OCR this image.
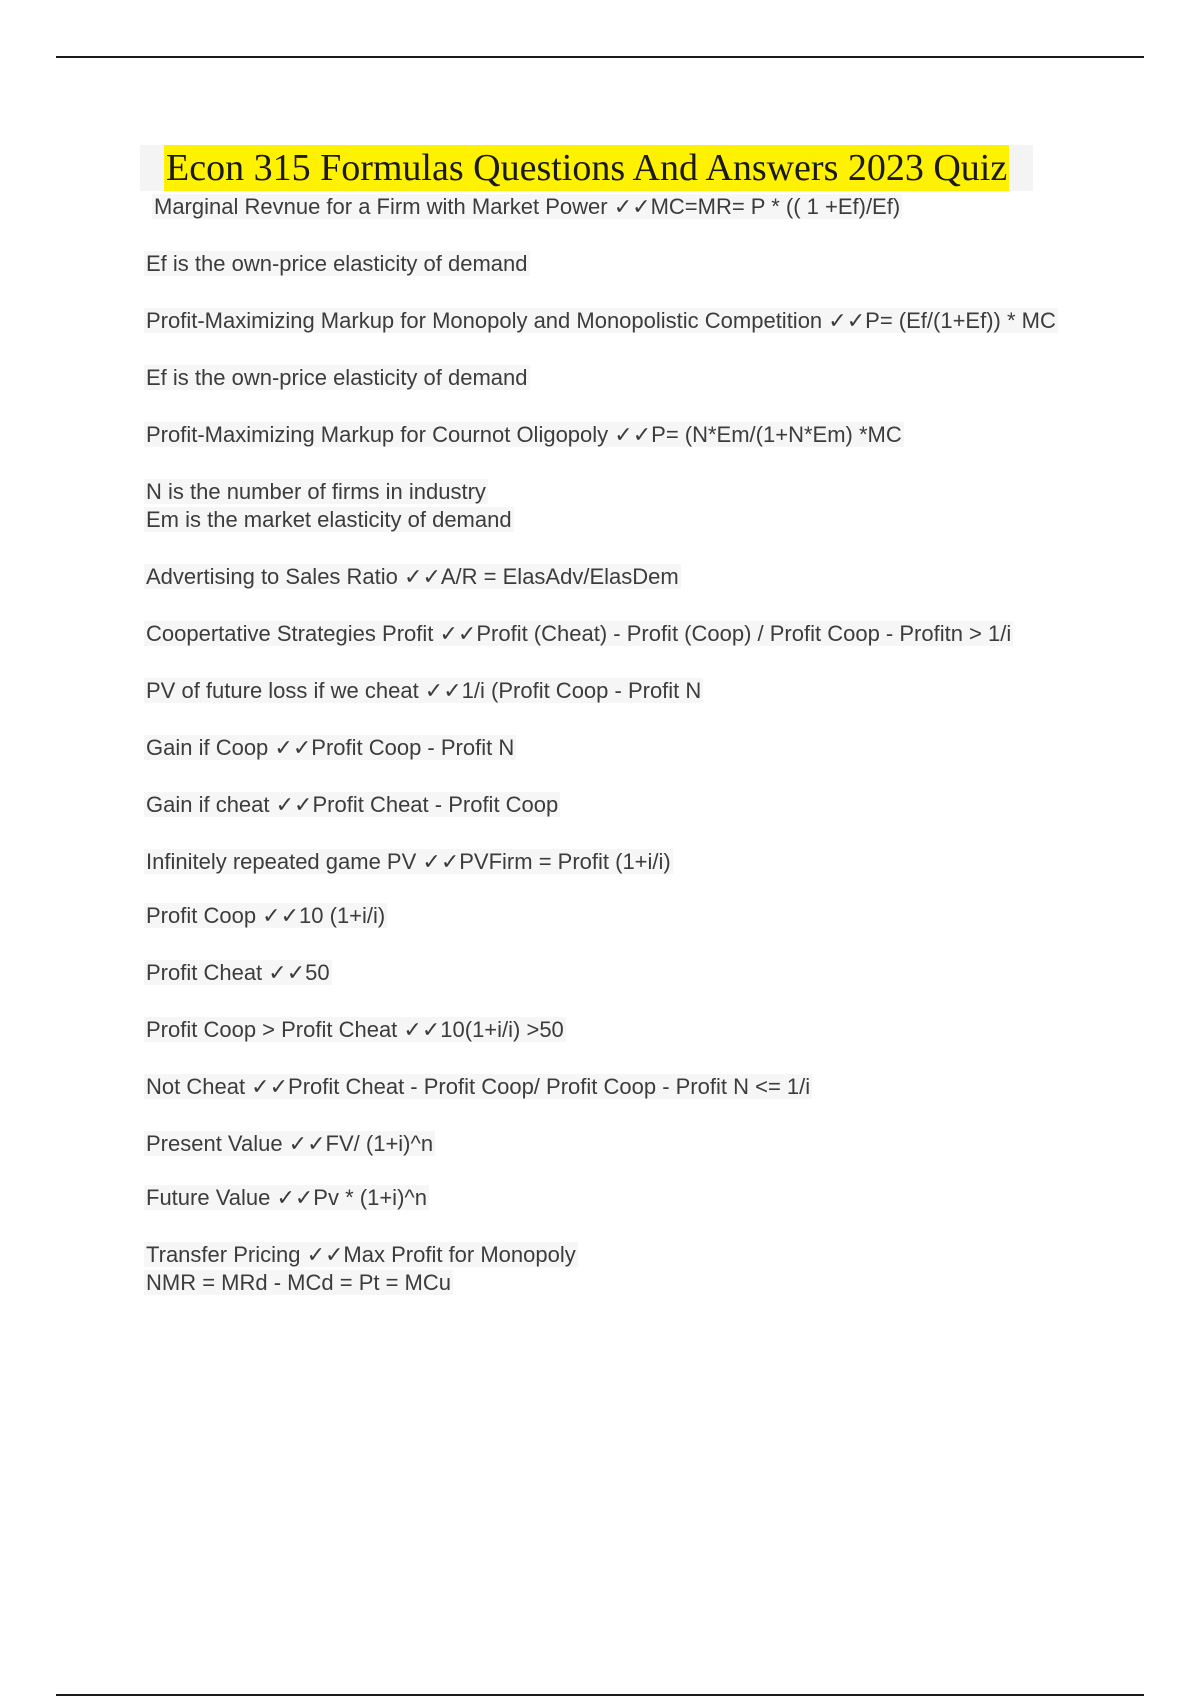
Econ 315 Formulas Questions And Answers 2023 Quiz

Marginal Revnue for a Firm with Market Power ✓✓MC=MR= P * (( 1 +Ef)/Ef)

Ef is the own-price elasticity of demand

Profit-Maximizing Markup for Monopoly and Monopolistic Competition ✓✓P= (Ef/(1+Ef)) * MC

Ef is the own-price elasticity of demand

Profit-Maximizing Markup for Cournot Oligopoly ✓✓P= (N*Em/(1+N*Em) *MC

N is the number of firms in industry

Em is the market elasticity of demand

Advertising to Sales Ratio ✓✓A/R = ElasAdv/ElasDem

Coopertative Strategies Profit ✓✓Profit (Cheat) - Profit (Coop) / Profit Coop - Profitn > 1/i

PV of future loss if we cheat ✓✓1/i (Profit Coop - Profit N

Gain if Coop ✓✓Profit Coop - Profit N

Gain if cheat ✓✓Profit Cheat - Profit Coop

Infinitely repeated game PV ✓✓PVFirm = Profit (1+i/i)

Profit Coop ✓✓10 (1+i/i)

Profit Cheat ✓✓50

Profit Coop > Profit Cheat ✓✓10(1+i/i) >50

Not Cheat ✓✓Profit Cheat - Profit Coop/ Profit Coop - Profit N <= 1/i

Present Value ✓✓FV/ (1+i)^n

Future Value ✓✓Pv * (1+i)^n

Transfer Pricing ✓✓Max Profit for Monopoly

NMR = MRd - MCd = Pt = MCu
